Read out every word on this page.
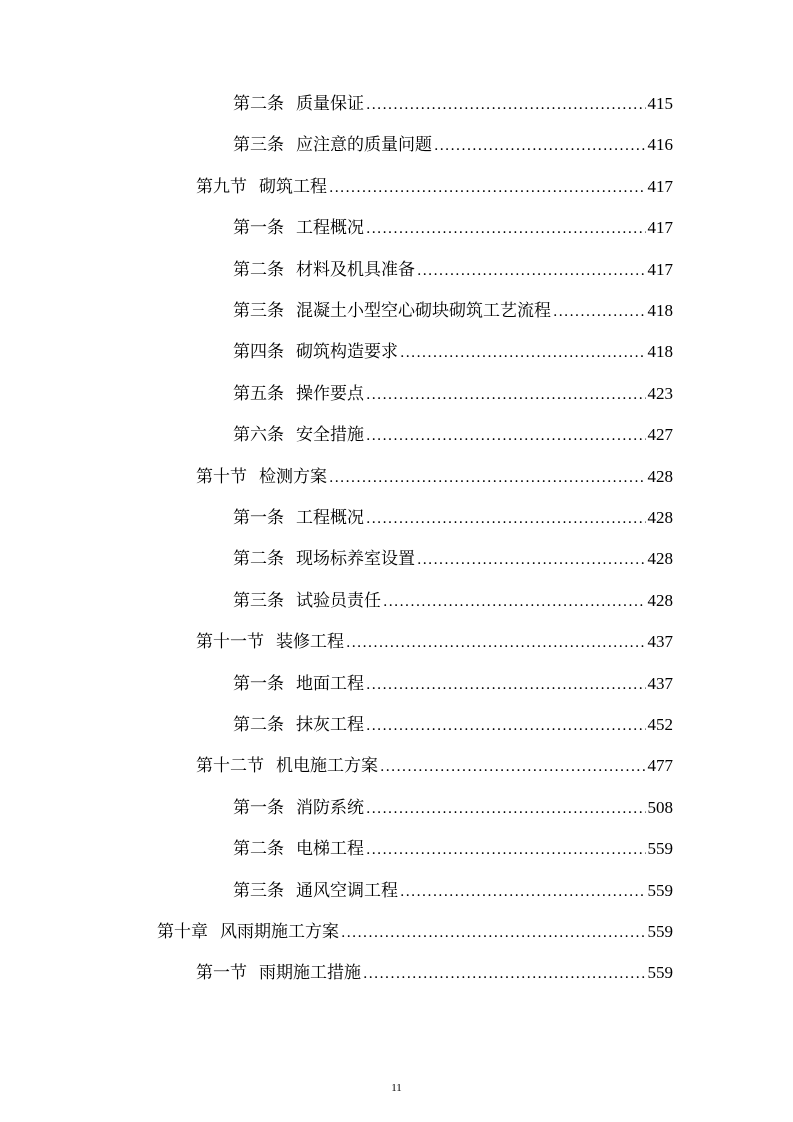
第二条 质量保证 .....	415
第三条 应注意的质量问题 .....	416
第九节 砌筑工程 .....	417
第一条 工程概况 .....	417
第二条 材料及机具准备 .....	417
第三条 混凝土小型空心砌块砌筑工艺流程 .....	418
第四条 砌筑构造要求 .....	418
第五条 操作要点 .....	423
第六条 安全措施 .....	427
第十节 检测方案 .....	428
第一条 工程概况 .....	428
第二条 现场标养室设置 .....	428
第三条 试验员责任 .....	428
第十一节 装修工程 .....	437
第一条 地面工程 .....	437
第二条 抹灰工程 .....	452
第十二节 机电施工方案 .....	477
第一条 消防系统 .....	508
第二条 电梯工程 .....	559
第三条 通风空调工程 .....	559
第十章 风雨期施工方案 .....	559
第一节 雨期施工措施 .....	559
11
